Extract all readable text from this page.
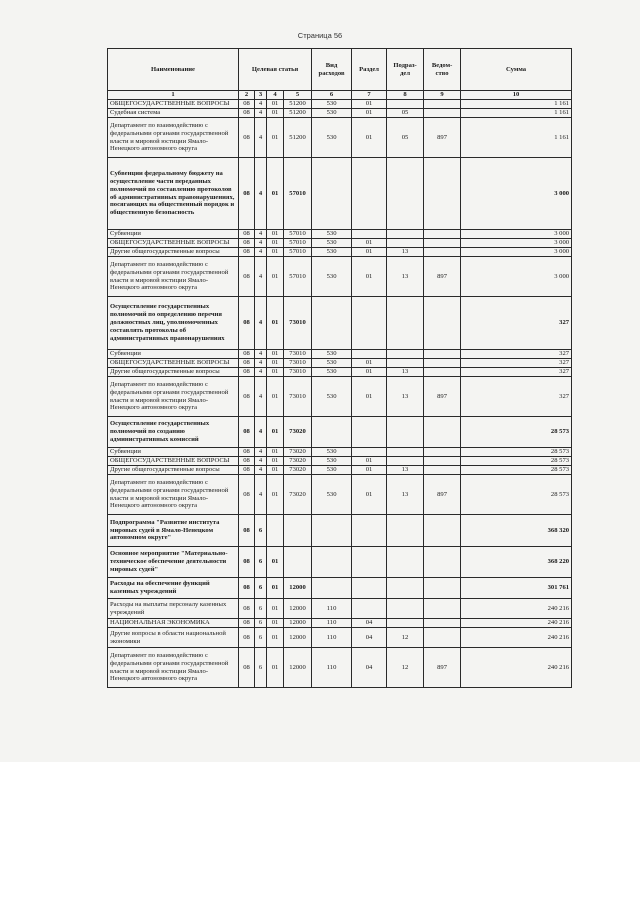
Страница 56
Наименование	Целевая статья				Вид расходов	Раздел	Подраз-дел	Ведом-ство	Сумма
1	2	3	4	5	6	7	8	9	10
ОБЩЕГОСУДАРСТВЕННЫЕ ВОПРОСЫ	08	4	01	51200	530	01			1 161
Судебная система	08	4	01	51200	530	01	05		1 161
Департамент по взаимодействию с федеральными органами государственной власти и мировой юстиции Ямало-Ненецкого автономного округа	08	4	01	51200	530	01	05	897	1 161
Субвенции федеральному бюджету на осуществление части переданных полномочий по составлению протоколов об административных правонарушениях, посягающих на общественный порядок и общественную безопасность	08	4	01	57010					3 000
Субвенции	08	4	01	57010	530				3 000
ОБЩЕГОСУДАРСТВЕННЫЕ ВОПРОСЫ	08	4	01	57010	530	01			3 000
Другие общегосударственные вопросы	08	4	01	57010	530	01	13		3 000
Департамент по взаимодействию с федеральными органами государственной власти и мировой юстиции Ямало-Ненецкого автономного округа	08	4	01	57010	530	01	13	897	3 000
Осуществление государственных полномочий по определению перечня должностных лиц, уполномоченных составлять протоколы об административных правонарушениях	08	4	01	73010					327
Субвенции	08	4	01	73010	530				327
ОБЩЕГОСУДАРСТВЕННЫЕ ВОПРОСЫ	08	4	01	73010	530	01			327
Другие общегосударственные вопросы	08	4	01	73010	530	01	13		327
Департамент по взаимодействию с федеральными органами государственной власти и мировой юстиции Ямало-Ненецкого автономного округа	08	4	01	73010	530	01	13	897	327
Осуществление государственных полномочий по созданию административных комиссий	08	4	01	73020					28 573
Субвенции	08	4	01	73020	530				28 573
ОБЩЕГОСУДАРСТВЕННЫЕ ВОПРОСЫ	08	4	01	73020	530	01			28 573
Другие общегосударственные вопросы	08	4	01	73020	530	01	13		28 573
Департамент по взаимодействию с федеральными органами государственной власти и мировой юстиции Ямало-Ненецкого автономного округа	08	4	01	73020	530	01	13	897	28 573
Подпрограмма "Развитие института мировых судей в Ямало-Ненецком автономном округе"	08	6							368 320
Основное мероприятие "Материально-техническое обеспечение деятельности мировых судей"	08	6	01						368 220
Расходы на обеспечение функций казенных учреждений	08	6	01	12000					301 761
Расходы на выплаты персоналу казенных учреждений	08	6	01	12000	110				240 216
НАЦИОНАЛЬНАЯ ЭКОНОМИКА	08	6	01	12000	110	04			240 216
Другие вопросы в области национальной экономики	08	6	01	12000	110	04	12		240 216
Департамент по взаимодействию с федеральными органами государственной власти и мировой юстиции Ямало-Ненецкого автономного округа	08	6	01	12000	110	04	12	897	240 216
